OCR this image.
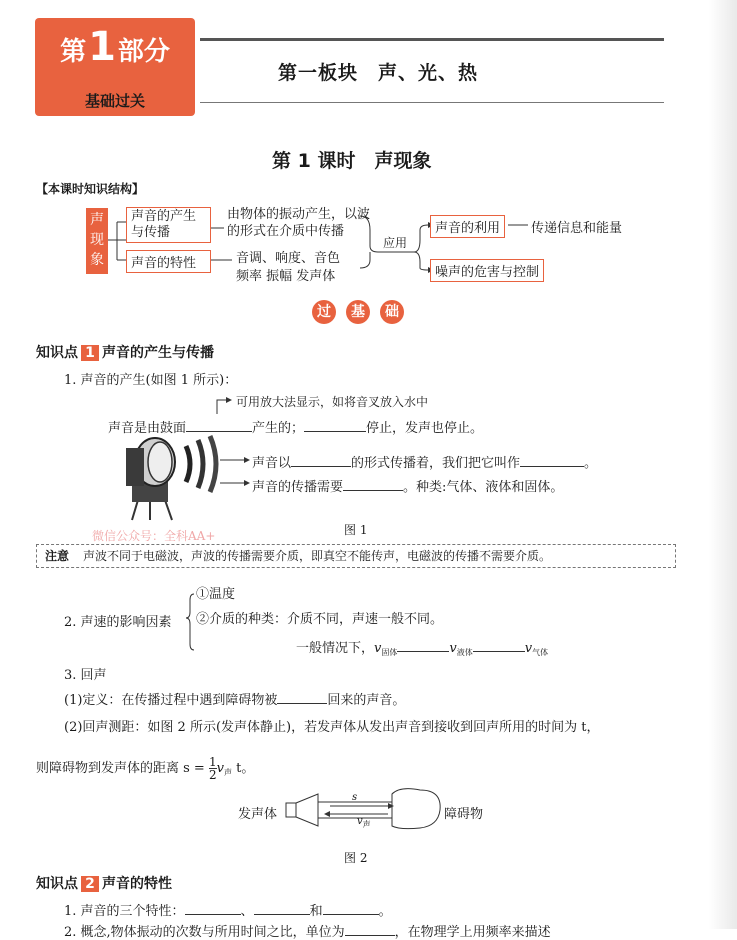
第1部分
基础过关
第一板块　声、光、热
第 1 课时　声现象
【本课时知识结构】
声
现
象
声音的产生
与传播
由物体的振动产生，以波
的形式在介质中传播
声音的特性	音调、响度、音色
频率 振幅 发声体
应用
声音的利用	传递信息和能量
噪声的危害与控制
过 基 础
知识点 1 声音的产生与传播
1. 声音的产生(如图 1 所示)：
可用放大法显示，如将音叉放入水中
声音是由鼓面	产生的；	停止，发声也停止。
声音以	的形式传播着，我们把它叫作	。
声音的传播需要	。种类:气体、液体和固体。
图 1
微信公众号：全科AA+
注意 声波不同于电磁波，声波的传播需要介质，即真空不能传声，电磁波的传播不需要介质。
2. 声速的影响因素
①温度
②介质的种类：介质不同，声速一般不同。
一般情况下，$v_{固体}$	$v_{液体}$	$v_{气体}$
3. 回声
(1)定义：在传播过程中遇到障碍物被	回来的声音。
(2)回声测距：如图 2 所示(发声体静止)，若发声体从发出声音到接收到回声所用的时间为 t，
则障碍物到发声体的距离 $s = \frac{1}{2} v_声$ t。
发声体	障碍物
s
$v_声$
图 2
知识点 2 声音的特性
1. 声音的三个特性：	、	和	。
2. 概念,物体振动的次数与所用时间之比，单位为	，在物理学上用频率来描述
